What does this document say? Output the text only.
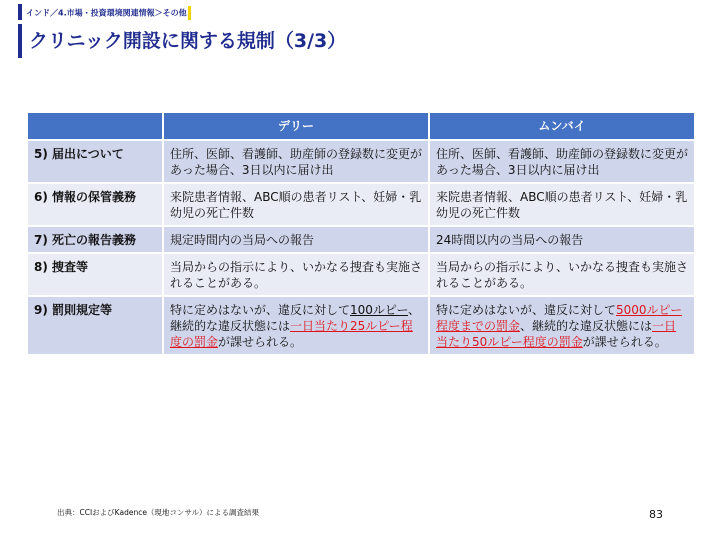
インド／4.市場・投資環境関連情報＞その他
クリニック開設に関する規制（3/3）
	デリー	ムンバイ
5) 届出について	住所、医師、看護師、助産師の登録数に変更があった場合、3日以内に届け出	住所、医師、看護師、助産師の登録数に変更があった場合、3日以内に届け出
6) 情報の保管義務	来院患者情報、ABC順の患者リスト、妊婦・乳幼児の死亡件数	来院患者情報、ABC順の患者リスト、妊婦・乳幼児の死亡件数
7) 死亡の報告義務	規定時間内の当局への報告	24時間以内の当局への報告
8) 捜査等	当局からの指示により、いかなる捜査も実施されることがある。	当局からの指示により、いかなる捜査も実施されることがある。
9) 罰則規定等	特に定めはないが、違反に対して100ルピー、継続的な違反状態には一日当たり25ルピー程度の罰金が課せられる。	特に定めはないが、違反に対して5000ルピー程度までの罰金、継続的な違反状態には一日当たり50ルピー程度の罰金が課せられる。
出典：CCIおよびKadence（現地コンサル）による調査結果	83
